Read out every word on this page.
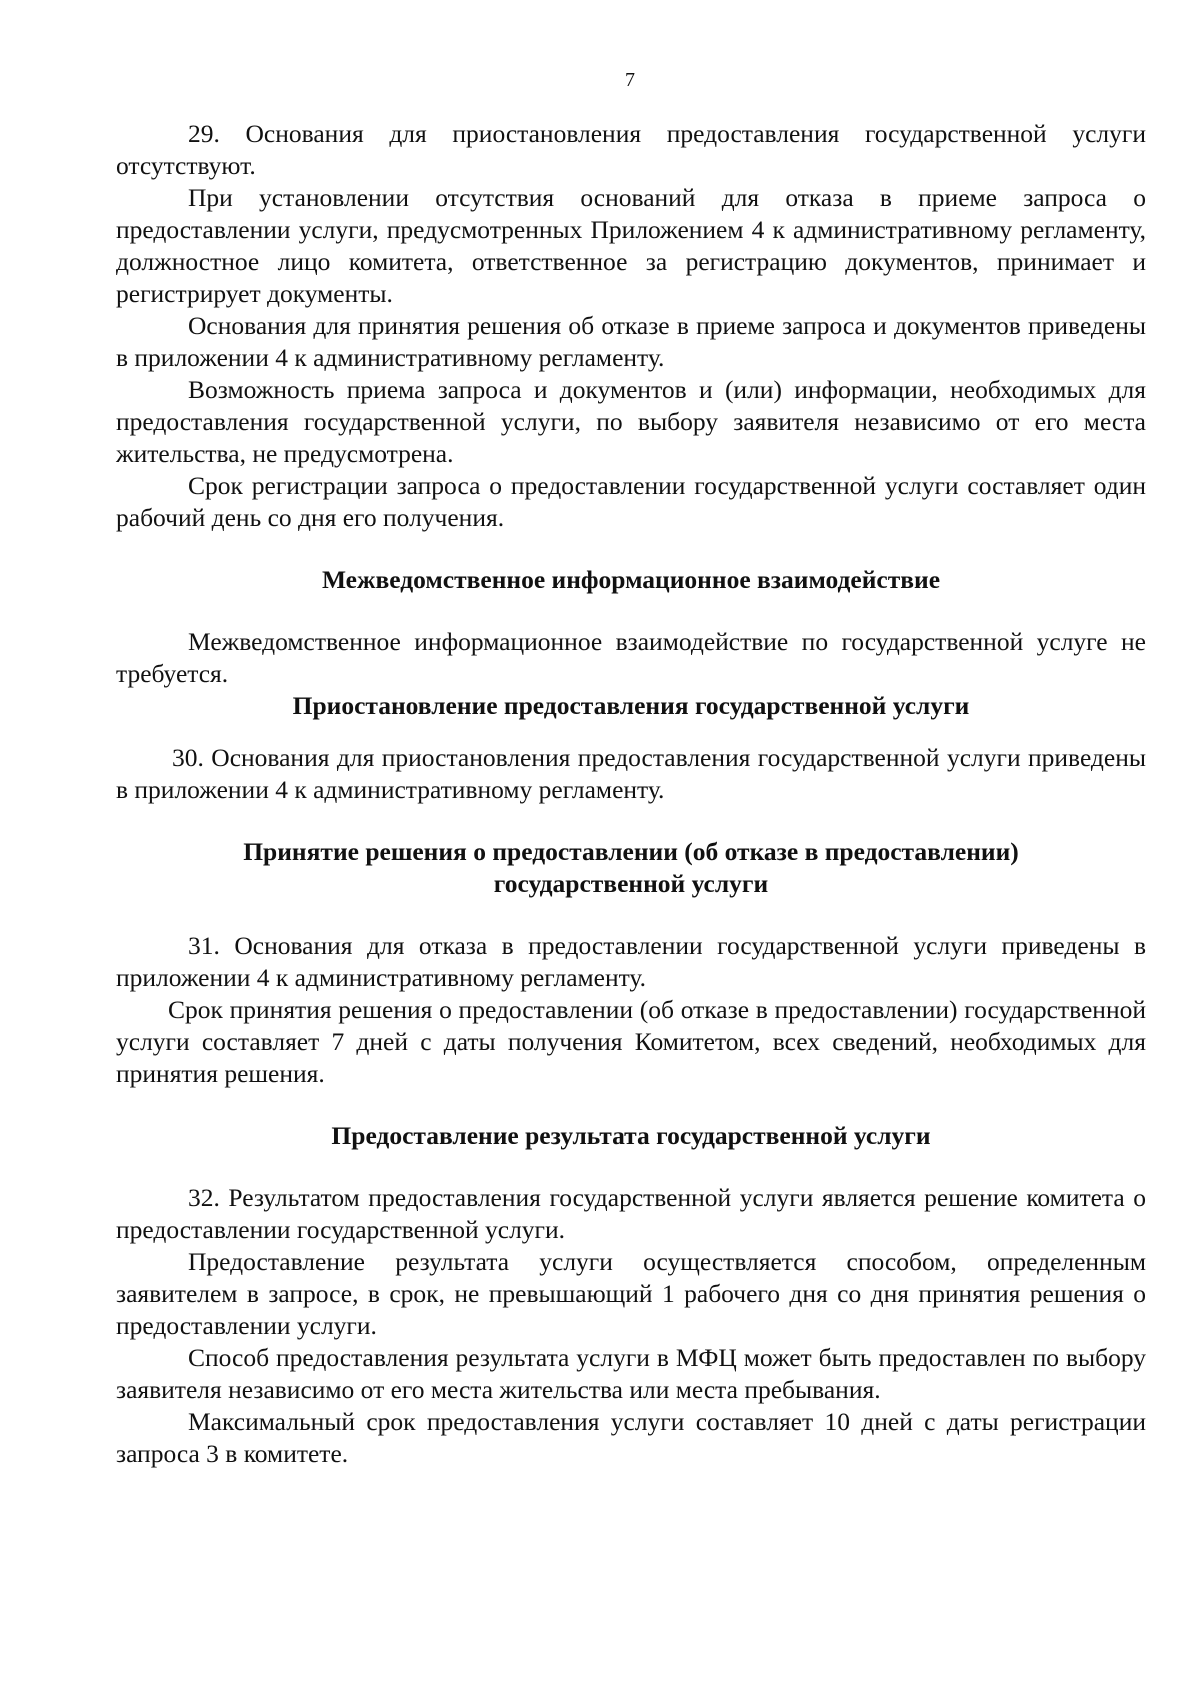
7

29. Основания для приостановления предоставления государственной услуги отсутствуют.

При установлении отсутствия оснований для отказа в приеме запроса о предоставлении услуги, предусмотренных Приложением 4 к административному регламенту, должностное лицо комитета, ответственное за регистрацию документов, принимает и регистрирует документы.

Основания для принятия решения об отказе в приеме запроса и документов приведены в приложении 4 к административному регламенту.

Возможность приема запроса и документов и (или) информации, необходимых для предоставления государственной услуги, по выбору заявителя независимо от его места жительства, не предусмотрена.

Срок регистрации запроса о предоставлении государственной услуги составляет один рабочий день со дня его получения.

Межведомственное информационное взаимодействие

Межведомственное информационное взаимодействие по государственной услуге не требуется.

Приостановление предоставления государственной услуги

30. Основания для приостановления предоставления государственной услуги приведены в приложении 4 к административному регламенту.

Принятие решения о предоставлении (об отказе в предоставлении)

государственной услуги

31. Основания для отказа в предоставлении государственной услуги приведены в приложении 4 к административному регламенту.

Срок принятия решения о предоставлении (об отказе в предоставлении) государственной услуги составляет 7 дней с даты получения Комитетом, всех сведений, необходимых для принятия решения.

Предоставление результата государственной услуги

32. Результатом предоставления государственной услуги является решение комитета о предоставлении государственной услуги.

Предоставление результата услуги осуществляется способом, определенным заявителем в запросе, в срок, не превышающий 1 рабочего дня со дня принятия решения о предоставлении услуги.

Способ предоставления результата услуги в МФЦ может быть предоставлен по выбору заявителя независимо от его места жительства или места пребывания.

Максимальный срок предоставления услуги составляет 10 дней с даты регистрации запроса 3 в комитете.
